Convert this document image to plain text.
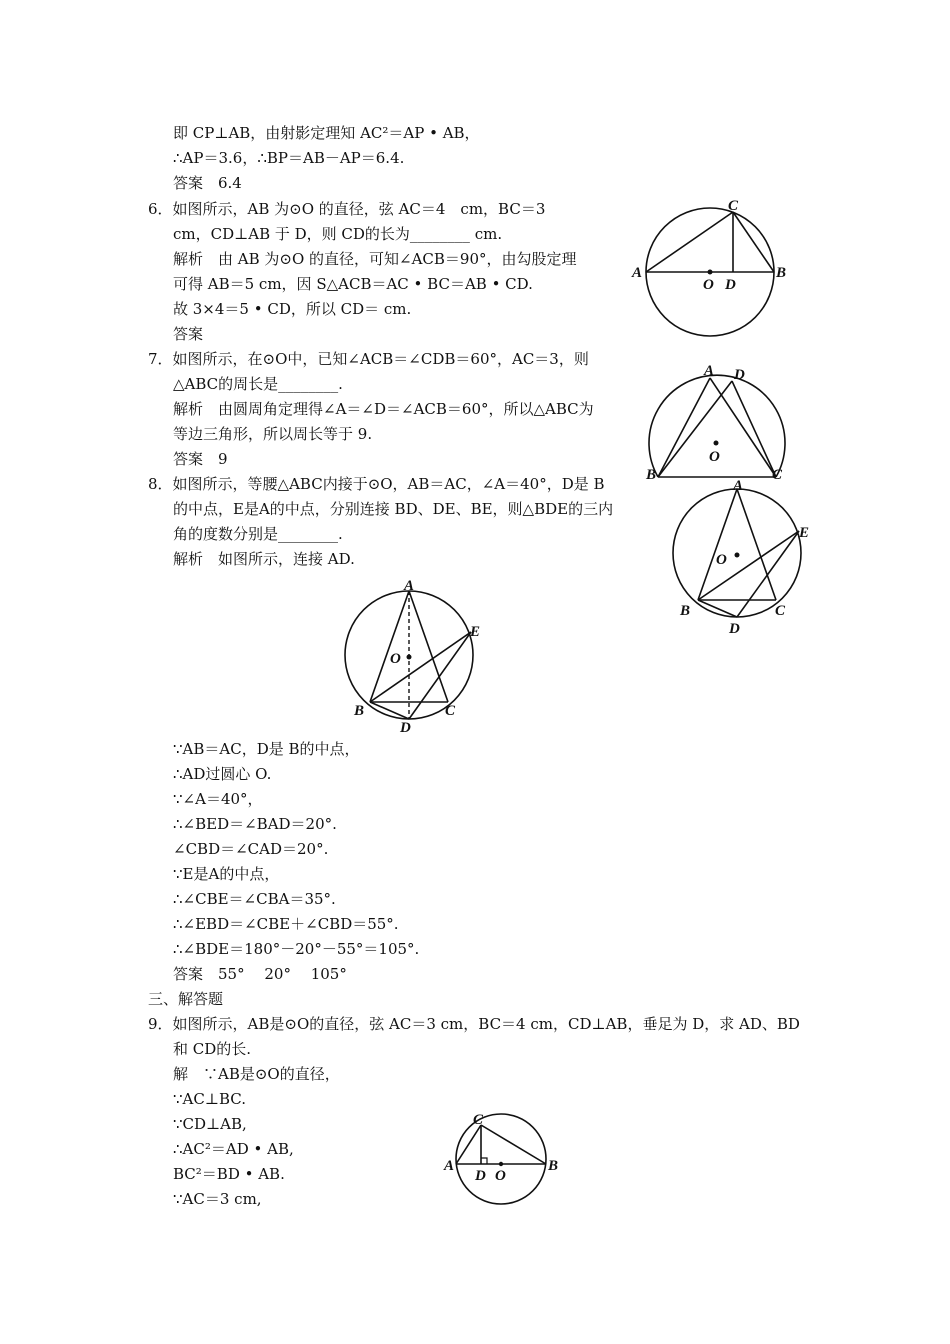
即 CP⊥AB，由射影定理知 AC²＝AP • AB，
∴AP＝3.6，∴BP＝AB－AP＝6.4.
答案　6.4
6．如图所示，AB 为⊙O 的直径，弦 AC＝4　cm，BC＝3
cm，CD⊥AB 于 D，则 CD的长为________ cm.
解析　由 AB 为⊙O 的直径，可知∠ACB＝90°，由勾股定理
可得 AB＝5 cm，因 S△ACB＝AC • BC＝AB • CD.
故 3×4＝5 • CD，所以 CD＝ cm.
答案
7．如图所示，在⊙O中，已知∠ACB＝∠CDB＝60°，AC＝3，则
△ABC的周长是________.
解析　由圆周角定理得∠A＝∠D＝∠ACB＝60°，所以△ABC为
等边三角形，所以周长等于 9.
答案　9
8．如图所示，等腰△ABC内接于⊙O，AB＝AC，∠A＝40°，D是 B
的中点，E是A的中点，分别连接 BD、DE、BE，则△BDE的三内
角的度数分别是________.
解析　如图所示，连接 AD.
∵AB＝AC，D是 B的中点，
∴AD过圆心 O.
∵∠A＝40°，
∴∠BED＝∠BAD＝20°.
∠CBD＝∠CAD＝20°.
∵E是A的中点，
∴∠CBE＝∠CBA＝35°.
∴∠EBD＝∠CBE＋∠CBD＝55°.
∴∠BDE＝180°－20°－55°＝105°.
答案　55°　 20°　 105°
三、解答题
9．如图所示，AB是⊙O的直径，弦 AC＝3 cm，BC＝4 cm，CD⊥AB，垂足为 D，求 AD、BD
和 CD的长.
解　∵AB是⊙O的直径，
∵AC⊥BC.
∵CD⊥AB,
∴AC²＝AD • AB,
BC²＝BD • AB.
∵AC＝3 cm,
A	B
C
D
O
A D
O
B	C
A
E
O
B	C
D
A
E
O
B	C
D
C
A	B
D O
